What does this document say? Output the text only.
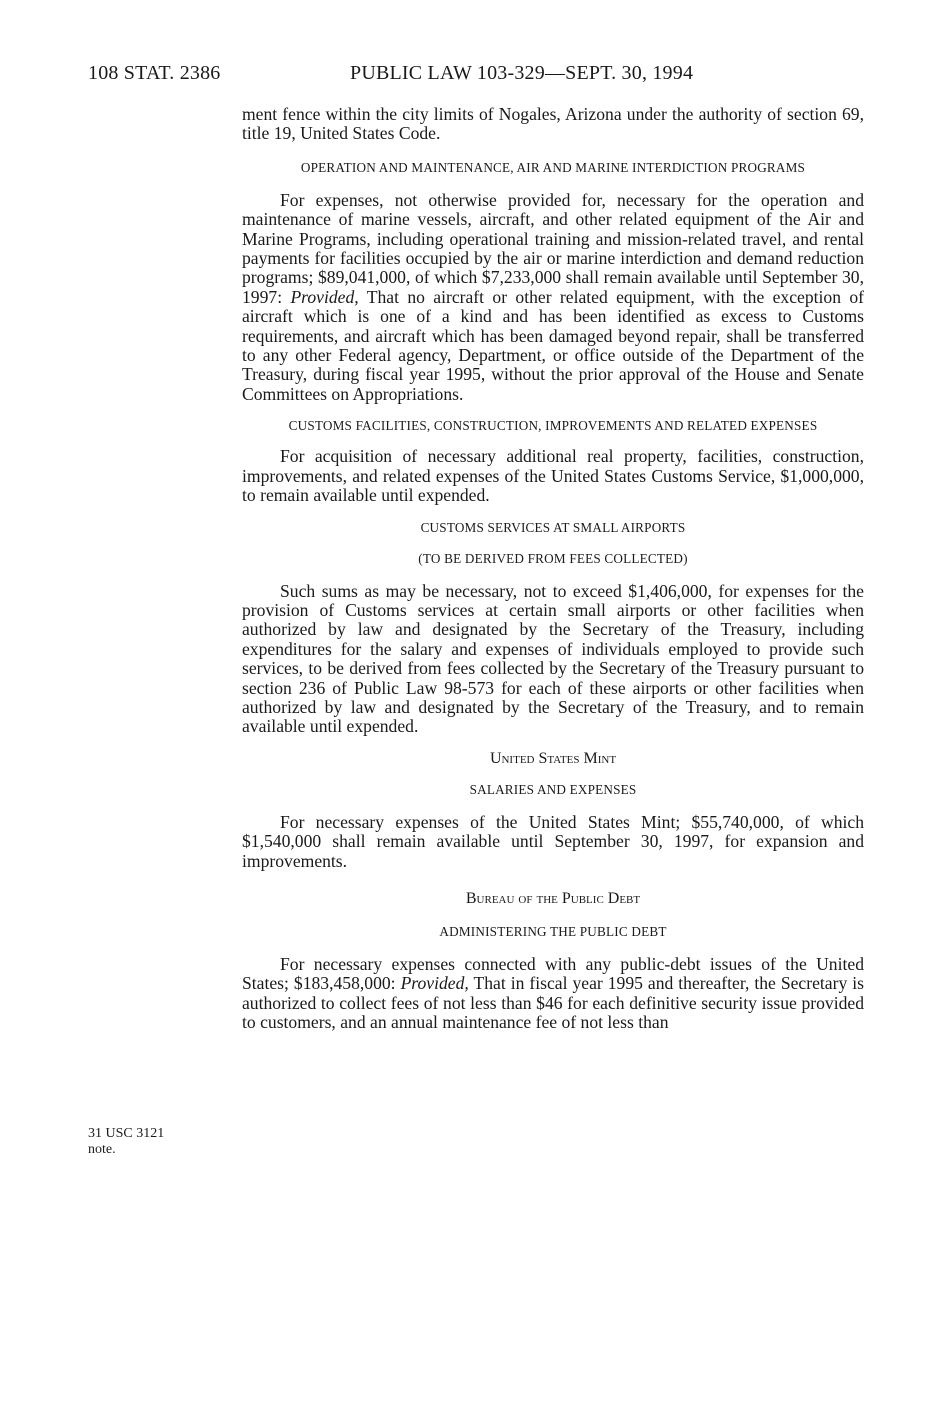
108 STAT. 2386	PUBLIC LAW 103-329—SEPT. 30, 1994
31 USC 3121
note.

ment fence within the city limits of Nogales, Arizona under the authority of section 69, title 19, United States Code.

OPERATION AND MAINTENANCE, AIR AND MARINE INTERDICTION PROGRAMS

For expenses, not otherwise provided for, necessary for the operation and maintenance of marine vessels, aircraft, and other related equipment of the Air and Marine Programs, including operational training and mission-related travel, and rental payments for facilities occupied by the air or marine interdiction and demand reduction programs; $89,041,000, of which $7,233,000 shall remain available until September 30, 1997: Provided, That no aircraft or other related equipment, with the exception of aircraft which is one of a kind and has been identified as excess to Customs requirements, and aircraft which has been damaged beyond repair, shall be transferred to any other Federal agency, Department, or office outside of the Department of the Treasury, during fiscal year 1995, without the prior approval of the House and Senate Committees on Appropriations.

CUSTOMS FACILITIES, CONSTRUCTION, IMPROVEMENTS AND RELATED EXPENSES

For acquisition of necessary additional real property, facilities, construction, improvements, and related expenses of the United States Customs Service, $1,000,000, to remain available until expended.

CUSTOMS SERVICES AT SMALL AIRPORTS
(TO BE DERIVED FROM FEES COLLECTED)

Such sums as may be necessary, not to exceed $1,406,000, for expenses for the provision of Customs services at certain small airports or other facilities when authorized by law and designated by the Secretary of the Treasury, including expenditures for the salary and expenses of individuals employed to provide such services, to be derived from fees collected by the Secretary of the Treasury pursuant to section 236 of Public Law 98-573 for each of these airports or other facilities when authorized by law and designated by the Secretary of the Treasury, and to remain available until expended.

United States Mint
SALARIES AND EXPENSES

For necessary expenses of the United States Mint; $55,740,000, of which $1,540,000 shall remain available until September 30, 1997, for expansion and improvements.

Bureau of the Public Debt
ADMINISTERING THE PUBLIC DEBT

For necessary expenses connected with any public-debt issues of the United States; $183,458,000: Provided, That in fiscal year 1995 and thereafter, the Secretary is authorized to collect fees of not less than $46 for each definitive security issue provided to customers, and an annual maintenance fee of not less than
